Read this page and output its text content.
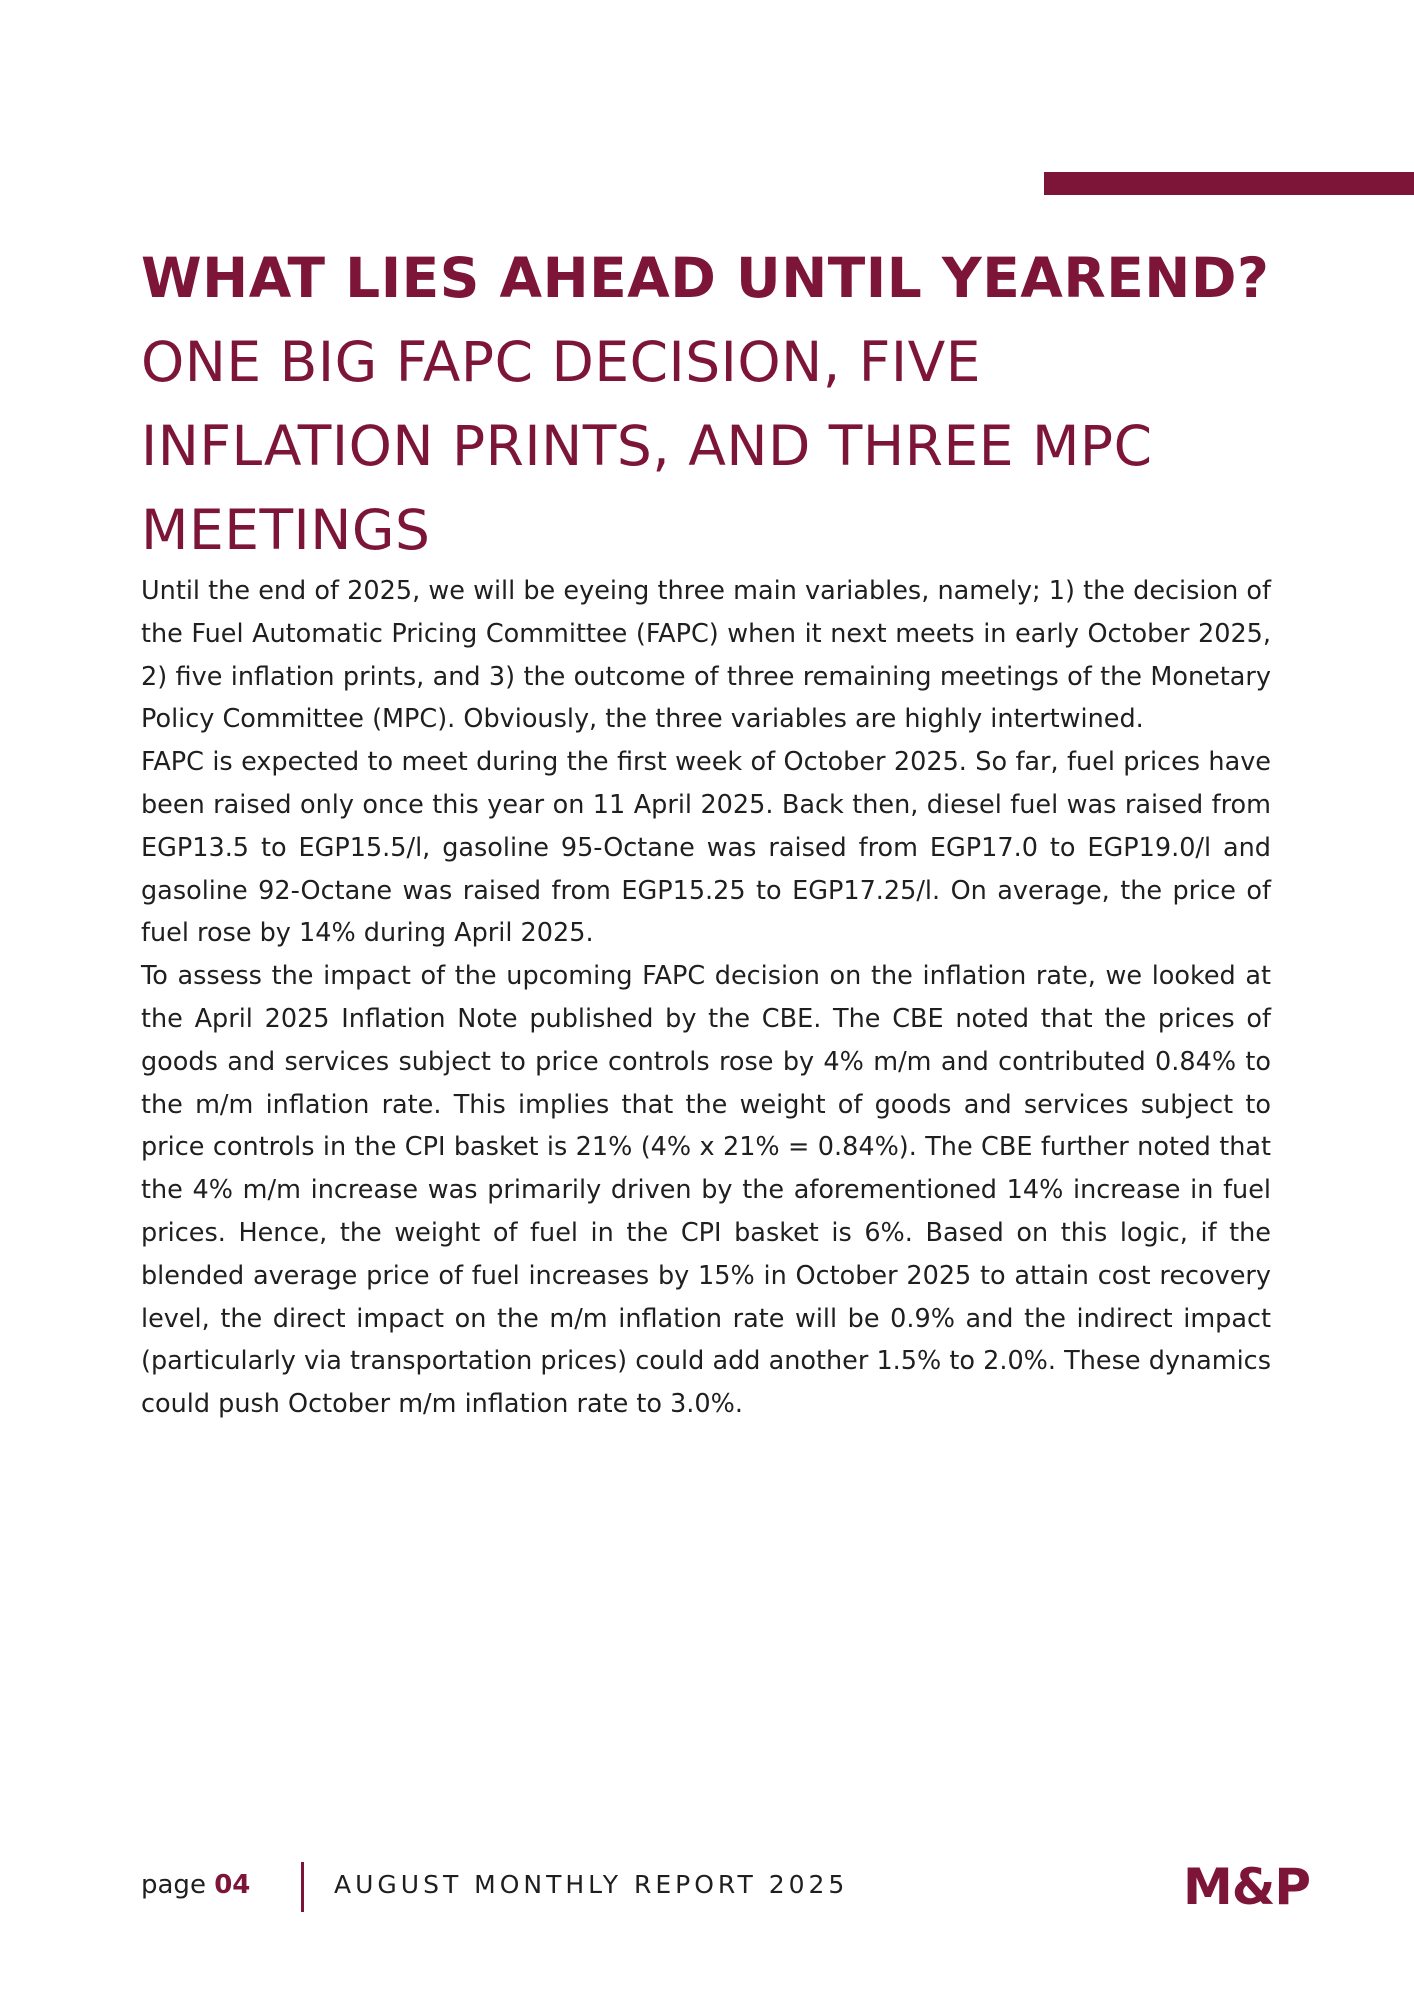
WHAT LIES AHEAD UNTIL YEAREND? ONE BIG FAPC DECISION, FIVE INFLATION PRINTS, AND THREE MPC MEETINGS

Until the end of 2025, we will be eyeing three main variables, namely; 1) the decision of the Fuel Automatic Pricing Committee (FAPC) when it next meets in early October 2025, 2) five inflation prints, and 3) the outcome of three remaining meetings of the Monetary Policy Committee (MPC). Obviously, the three variables are highly intertwined.

FAPC is expected to meet during the first week of October 2025. So far, fuel prices have been raised only once this year on 11 April 2025. Back then, diesel fuel was raised from EGP13.5 to EGP15.5/l, gasoline 95-Octane was raised from EGP17.0 to EGP19.0/l and gasoline 92-Octane was raised from EGP15.25 to EGP17.25/l. On average, the price of fuel rose by 14% during April 2025.

To assess the impact of the upcoming FAPC decision on the inflation rate, we looked at the April 2025 Inflation Note published by the CBE. The CBE noted that the prices of goods and services subject to price controls rose by 4% m/m and contributed 0.84% to the m/m inflation rate. This implies that the weight of goods and services subject to price controls in the CPI basket is 21% (4% x 21% = 0.84%). The CBE further noted that the 4% m/m increase was primarily driven by the aforementioned 14% increase in fuel prices. Hence, the weight of fuel in the CPI basket is 6%. Based on this logic, if the blended average price of fuel increases by 15% in October 2025 to attain cost recovery level, the direct impact on the m/m inflation rate will be 0.9% and the indirect impact (particularly via transportation prices) could add another 1.5% to 2.0%. These dynamics could push October m/m inflation rate to 3.0%.

page 04	AUGUST MONTHLY REPORT 2025	M&P
